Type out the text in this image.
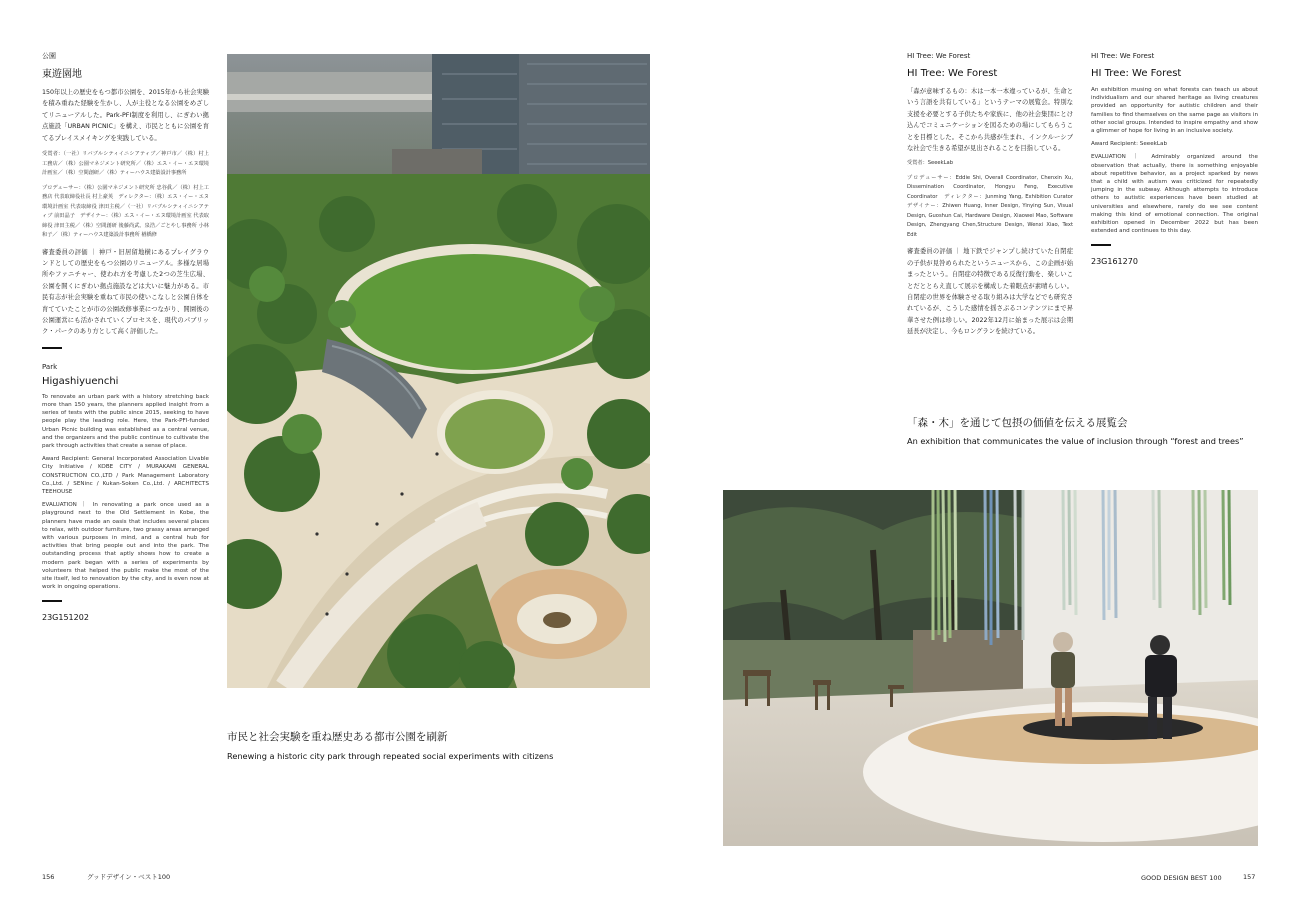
公園
東遊園地
150年以上の歴史をもつ都市公園を、2015年から社会実験を積み重ねた経験を生かし、人が主役となる公園をめざしてリニューアルした。Park-PFI制度を利用し、にぎわい拠点施設「URBAN PICNIC」を構え、市民とともに公園を育てるプレイスメイキングを実践している。
受賞者：（一社）リバブルシティイニシアティブ／神戸市／（株）村上工務店／（株）公園マネジメント研究所／（株）エス・イー・エヌ環境計画室／（株）空間創研／（株）ティーハウス建築設計事務所
プロデューサー：（株）公園マネジメント研究所 忠谷眞／（株）村上工務店 代表取締役社長 村上豪英　ディレクター：（株）エス・イー・エヌ環境計画室 代表取締役 津田主税／（一社）リバブルシティイニシアティブ 前田晶子　デザイナー：（株）エス・イー・エヌ環境計画室 代表取締役 津田主税／（株）空間創研 後藤尚武、泉浩／ごとやし事務所 小林和子／（株）ティーハウス建築設計事務所 楢橋修
審査委員の評価 ｜ 神戸・旧居留地横にあるプレイグラウンドとしての歴史をもつ公園のリニューアル。多様な居場所やファニチャー、使われ方を考慮した2つの芝生広場、公園を開くにぎわい拠点施設などは大いに魅力がある。市民有志が社会実験を重ねて市民の使いこなしと公園自体を育てていたことが市の公園改修事業につながり、開園後の公園運営にも活かされていくプロセスを、現代のパブリック・パークのあり方として高く評価した。
Park
Higashiyuenchi
To renovate an urban park with a history stretching back more than 150 years, the planners applied insight from a series of tests with the public since 2015, seeking to have people play the leading role. Here, the Park-PFI-funded Urban Picnic building was established as a central venue, and the organizers and the public continue to cultivate the park through activities that create a sense of place.
Award Recipient: General Incorporated Association Livable City Initiative / KOBE CITY / MURAKAMI GENERAL CONSTRUCTION CO.,LTD / Park Management Laboratory Co.,Ltd. / SENinc / Kukan-Soken Co.,Ltd. / ARCHITECTS TEEHOUSE
EVALUATION ｜ In renovating a park once used as a playground next to the Old Settlement in Kobe, the planners have made an oasis that includes several places to relax, with outdoor furniture, two grassy areas arranged with various purposes in mind, and a central hub for activities that bring people out and into the park. The outstanding process that aptly shows how to create a modern park began with a series of experiments by volunteers that helped the public make the most of the site itself, led to renovation by the city, and is even now at work in ongoing operations.
23G151202
市民と社会実験を重ね歴史ある都市公園を刷新
Renewing a historic city park through repeated social experiments with citizens
156	グッドデザイン・ベスト100
HI Tree: We Forest
HI Tree: We Forest
「森が意味するもの：木は一本一本違っているが、生命という言語を共有している」というテーマの展覧会。特別な支援を必要とする子供たちや家族に、他の社会集団にとけ込んでコミュニケーションを図るための場にしてもらうことを目標とした。そこから共感が生まれ、インクルーシブな社会で生きる希望が見出されることを目指している。
受賞者：SeeekLab
プロデューサー：Eddie Shi, Overall Coordinator, Chenxin Xu, Dissemination Coordinator, Hongyu Feng, Executive Coordinator　ディレクター：Junming Yang, Exhibition Curator　デザイナー：Zhiwen Huang, Inner Design, Yinying Sun, Visual Design, Guoshun Cai, Hardware Design, Xiaowei Mao, Software Design, Zhengyang Chen,Structure Design, Wenxi Xiao, Text Edit
審査委員の評価 ｜ 地下鉄でジャンプし続けていた自閉症の子供が見咎められたというニュースから、この企画が始まったという。自閉症の特徴である反復行動を、楽しいことだととらえ直して展示を構成した着眼点が素晴らしい。自閉症の世界を体験させる取り組みは大学などでも研究されているが、こうした感情を揺さぶるコンテンツにまで昇華させた例は珍しい。2022年12月に始まった展示は会期延長が決定し、今もロングランを続けている。
HI Tree: We Forest
HI Tree: We Forest
An exhibition musing on what forests can teach us about individualism and our shared heritage as living creatures provided an opportunity for autistic children and their families to find themselves on the same page as visitors in other social groups. Intended to inspire empathy and show a glimmer of hope for living in an inclusive society.
Award Recipient: SeeekLab
EVALUATION ｜ Admirably organized around the observation that actually, there is something enjoyable about repetitive behavior, as a project sparked by news that a child with autism was criticized for repeatedly jumping in the subway. Although attempts to introduce others to autistic experiences have been studied at universities and elsewhere, rarely do we see content making this kind of emotional connection. The original exhibition opened in December 2022 but has been extended and continues to this day.
23G161270
「森・木」を通じて包摂の価値を伝える展覧会
An exhibition that communicates the value of inclusion through “forest and trees”
GOOD DESIGN BEST 100	157
